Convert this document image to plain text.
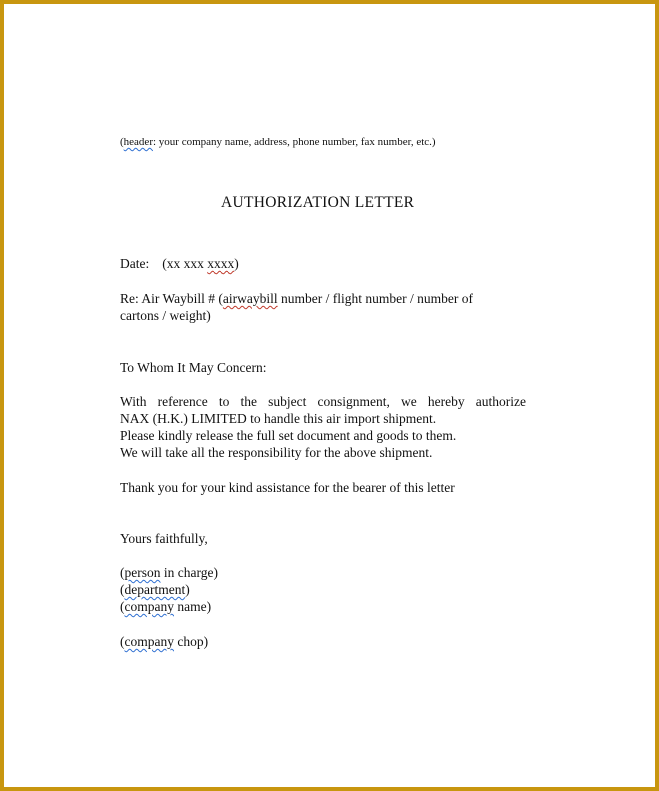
(header: your company name, address, phone number, fax number, etc.)
AUTHORIZATION LETTER
Date: (xx xxx xxxx)
Re: Air Waybill # (airwaybill number / flight number / number of
cartons / weight)
To Whom It May Concern:
With reference to the subject consignment, we hereby authorize
NAX (H.K.) LIMITED to handle this air import shipment.
Please kindly release the full set document and goods to them.
We will take all the responsibility for the above shipment.
Thank you for your kind assistance for the bearer of this letter
Yours faithfully,
(person in charge)
(department)
(company name)
(company chop)
